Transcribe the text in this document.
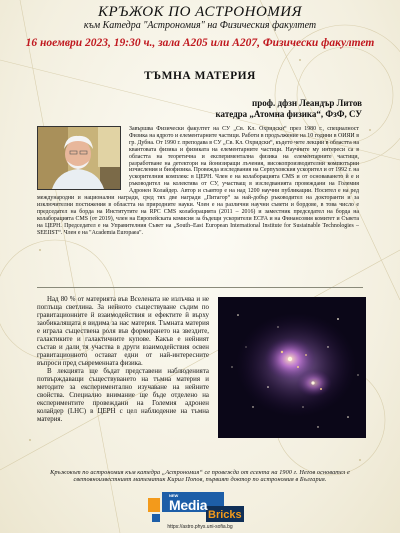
КРЪЖОК ПО АСТРОНОМИЯ
към Катедра "Астрономия" на Физическия факултет
16 ноември 2023, 19:30 ч., зала А205 или А207, Физически факултет
ТЪМНА МАТЕРИЯ
проф. дфзн Леандър Литов
катедра „Атомна физика“, ФзФ, СУ

Завършва Физически факултет на СУ „Св. Кл. Охридски“ през 1980 г., специалност Физика на ядрото и елементарните частици. Работи в продължение на 10 години в ОИЯИ в гр. Дубна. От 1990 г. преподава в СУ „Св. Кл. Охридски“, където чете лекции в областта на квантовата физика и физиката на елементарните частици. Научните му интереси са в областта на теоретична и експериментална физика на елементарните частици, разработване на детектори на йонизиращи лъчения, високопроизводителни компютърни изчисления и биофизика. Провежда изследвания на Серпуховския ускорител и от 1992 г. на ускорителния комплекс в ЦЕРН. Член е на колаборацията CMS и от основаването й е и ръководител на колектива от СУ, участващ в изследванията провеждани на Големия Адронен Колайдер. Автор и съавтор е на над 1200 научни публикации. Носител е на ред международни и национални награди, сред тях две награди „Питагор“ за най-добър ръководител на докторанти и за изключителни постижения в областта на природните науки. Член е на различни научни съвети и бордове, в това число е председател на борда на Институтите на RPC CMS колаборацията (2011 – 2016) и заместник председател на борда на колаборацията CMS (от 2019), член на Европейската комисия за бъдещи ускорители ECFA и на Финансовия комитет и Съвета на ЦЕРН. Председател е на Управителния Съвет на „South–East European International Institute for Sustainable Technologies – SEEIIST“. Член е на "Academia Europaea".

Над 80 % от материята във Вселената не излъчва и не поглъща светлина. За нейното съществуване съдим по гравитационните й взаимодействия и ефектите й върху заобикалящата я видима за нас материя. Тъмната материя е играла съществена роля във формирането на звездите, галактиките и галактичните купове. Какъв е нейният състав и дали тя участва в други взаимодействия освен гравитационното остават едни от най-интересните въпроси пред съвременната физика.

В лекцията ще бъдат представени наблюденията потвърждаващи съществуването на тъмна материя и методите за експериментално изучаване на нейните свойства. Специално внимание ще бъде отделено на експериментите провеждани на Големия адронен колайдер (LHC) в ЦЕРН с цел наблюдение на тъмна материя.

Кръжокът по астрономия към катедра „Астрономия“ се провежда от есента на 1900 г. Негов основател е световноизвестният математик Кирил Попов, първият доктор по астрономия в България.
NEW
Media
Bricks
https://astro.phys.uni-sofia.bg
